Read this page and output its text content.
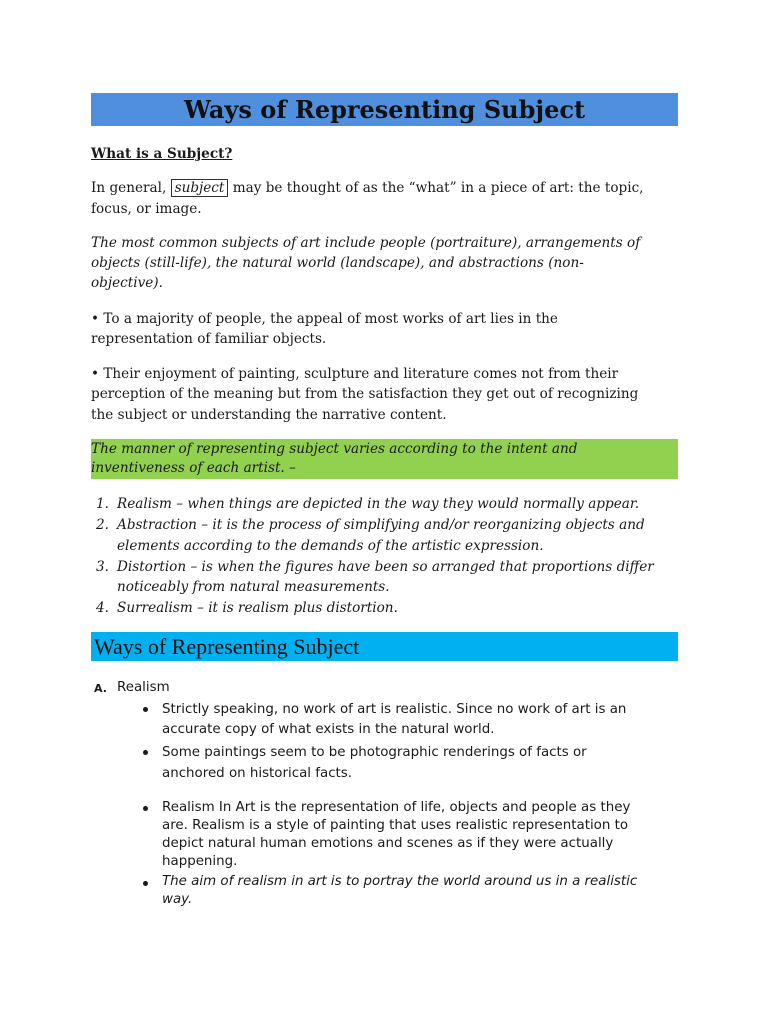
Ways of Representing Subject
What is a Subject?
In general, subject may be thought of as the “what” in a piece of art: the topic,
focus, or image.
The most common subjects of art include people (portraiture), arrangements of
objects (still-life), the natural world (landscape), and abstractions (non-
objective).
• To a majority of people, the appeal of most works of art lies in the
representation of familiar objects.
• Their enjoyment of painting, sculpture and literature comes not from their
perception of the meaning but from the satisfaction they get out of recognizing
the subject or understanding the narrative content.
The manner of representing subject varies according to the intent and
inventiveness of each artist. –
1. Realism – when things are depicted in the way they would normally appear.
2. Abstraction – it is the process of simplifying and/or reorganizing objects and
elements according to the demands of the artistic expression.
3. Distortion – is when the figures have been so arranged that proportions differ
noticeably from natural measurements.
4. Surrealism – it is realism plus distortion.
Ways of Representing Subject
A. Realism
Strictly speaking, no work of art is realistic. Since no work of art is an
accurate copy of what exists in the natural world.
Some paintings seem to be photographic renderings of facts or
anchored on historical facts.
Realism In Art is the representation of life, objects and people as they
are. Realism is a style of painting that uses realistic representation to
depict natural human emotions and scenes as if they were actually
happening.
The aim of realism in art is to portray the world around us in a realistic
way.
